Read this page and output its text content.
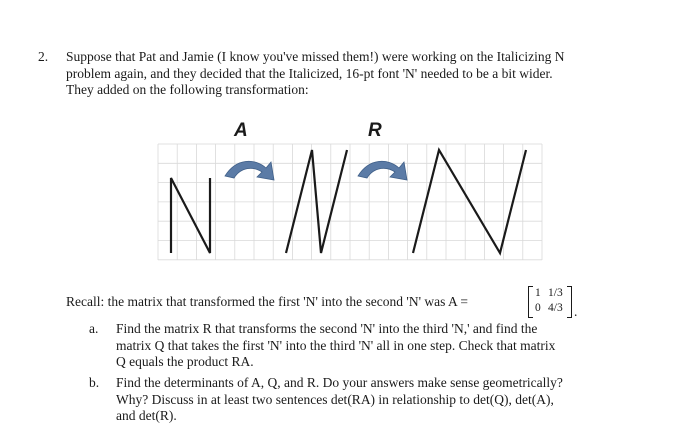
2. Suppose that Pat and Jamie (I know you've missed them!) were working on the Italicizing N
problem again, and they decided that the Italicized, 16-pt font 'N' needed to be a bit wider.
They added on the following transformation:
A	R
Recall: the matrix that transformed the first 'N' into the second 'N' was A =
1 1/3
0 4/3 .
a. Find the matrix R that transforms the second 'N' into the third 'N,' and find the
matrix Q that takes the first 'N' into the third 'N' all in one step. Check that matrix
Q equals the product RA.
b. Find the determinants of A, Q, and R. Do your answers make sense geometrically?
Why? Discuss in at least two sentences det(RA) in relationship to det(Q), det(A),
and det(R).
